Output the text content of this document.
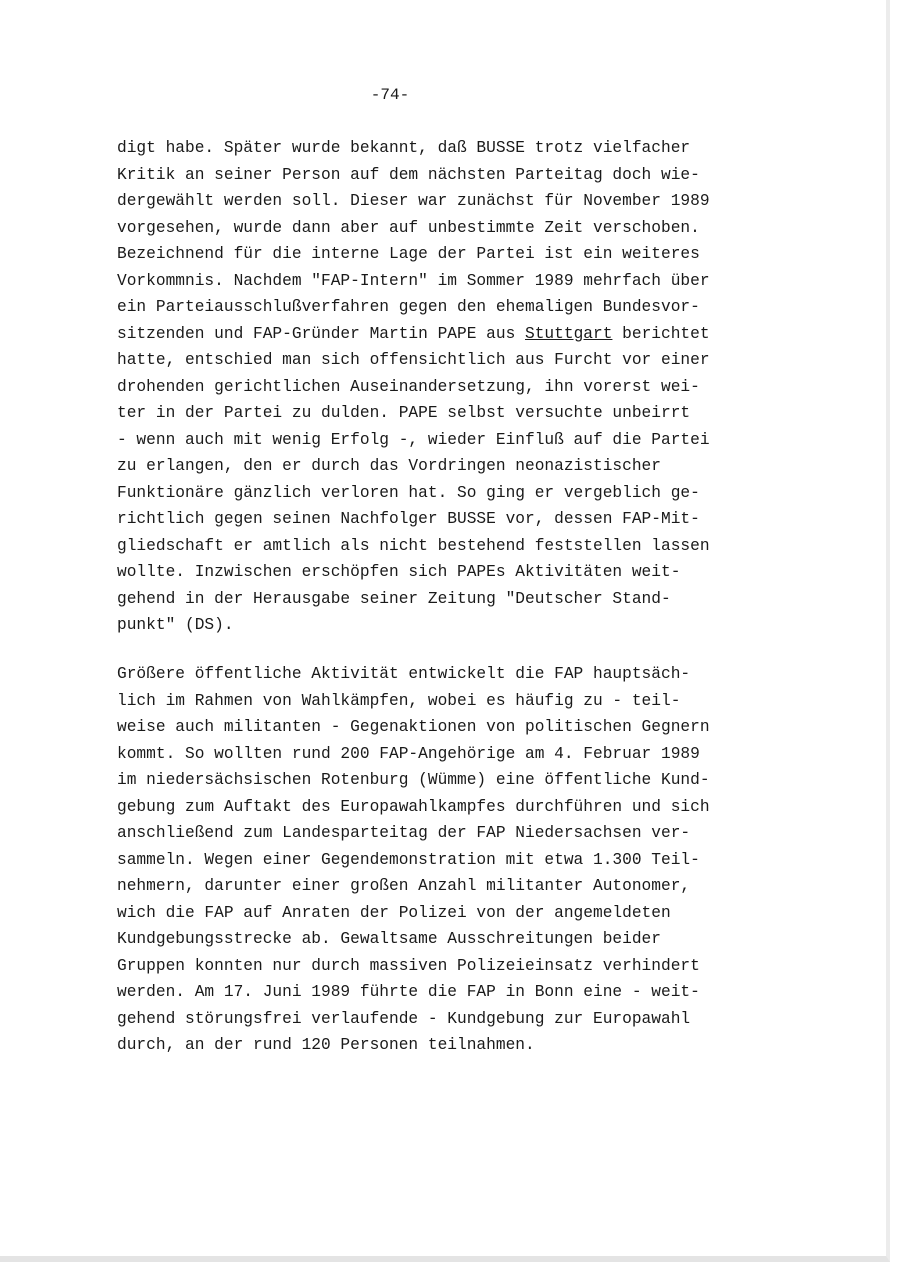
-74-
digt habe. Später wurde bekannt, daß BUSSE trotz vielfacher
Kritik an seiner Person auf dem nächsten Parteitag doch wie-
dergewählt werden soll. Dieser war zunächst für November 1989
vorgesehen, wurde dann aber auf unbestimmte Zeit verschoben.
Bezeichnend für die interne Lage der Partei ist ein weiteres
Vorkommnis. Nachdem "FAP-Intern" im Sommer 1989 mehrfach über
ein Parteiausschlußverfahren gegen den ehemaligen Bundesvor-
sitzenden und FAP-Gründer Martin PAPE aus Stuttgart berichtet
hatte, entschied man sich offensichtlich aus Furcht vor einer
drohenden gerichtlichen Auseinandersetzung, ihn vorerst wei-
ter in der Partei zu dulden. PAPE selbst versuchte unbeirrt
- wenn auch mit wenig Erfolg -, wieder Einfluß auf die Partei
zu erlangen, den er durch das Vordringen neonazistischer
Funktionäre gänzlich verloren hat. So ging er vergeblich ge-
richtlich gegen seinen Nachfolger BUSSE vor, dessen FAP-Mit-
gliedschaft er amtlich als nicht bestehend feststellen lassen
wollte. Inzwischen erschöpfen sich PAPEs Aktivitäten weit-
gehend in der Herausgabe seiner Zeitung "Deutscher Stand-
punkt" (DS).
Größere öffentliche Aktivität entwickelt die FAP hauptsäch-
lich im Rahmen von Wahlkämpfen, wobei es häufig zu - teil-
weise auch militanten - Gegenaktionen von politischen Gegnern
kommt. So wollten rund 200 FAP-Angehörige am 4. Februar 1989
im niedersächsischen Rotenburg (Wümme) eine öffentliche Kund-
gebung zum Auftakt des Europawahlkampfes durchführen und sich
anschließend zum Landesparteitag der FAP Niedersachsen ver-
sammeln. Wegen einer Gegendemonstration mit etwa 1.300 Teil-
nehmern, darunter einer großen Anzahl militanter Autonomer,
wich die FAP auf Anraten der Polizei von der angemeldeten
Kundgebungsstrecke ab. Gewaltsame Ausschreitungen beider
Gruppen konnten nur durch massiven Polizeieinsatz verhindert
werden. Am 17. Juni 1989 führte die FAP in Bonn eine - weit-
gehend störungsfrei verlaufende - Kundgebung zur Europawahl
durch, an der rund 120 Personen teilnahmen.
